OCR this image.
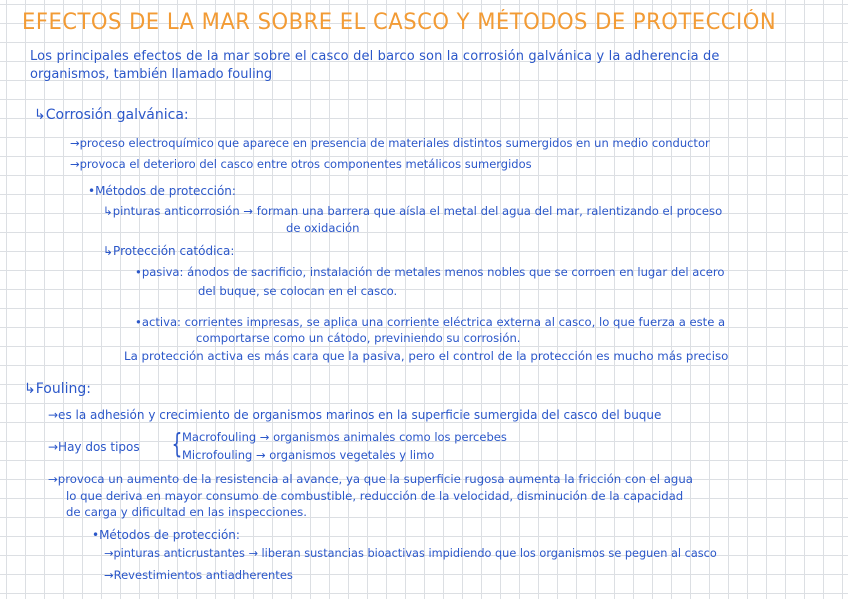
EFECTOS DE LA MAR SOBRE EL CASCO Y MÉTODOS DE PROTECCIÓN
Los principales efectos de la mar sobre el casco del barco son la corrosión galvánica y la adherencia de
organismos, también llamado fouling
↳Corrosión galvánica:
→proceso electroquímico que aparece en presencia de materiales distintos sumergidos en un medio conductor
→provoca el deterioro del casco entre otros componentes metálicos sumergidos
•Métodos de protección:
↳pinturas anticorrosión → forman una barrera que aísla el metal del agua del mar, ralentizando el proceso
de oxidación
↳Protección catódica:
•pasiva: ánodos de sacrificio, instalación de metales menos nobles que se corroen en lugar del acero
del buque, se colocan en el casco.
•activa: corrientes impresas, se aplica una corriente eléctrica externa al casco, lo que fuerza a este a
comportarse como un cátodo, previniendo su corrosión.
La protección activa es más cara que la pasiva, pero el control de la protección es mucho más preciso
↳Fouling:
→es la adhesión y crecimiento de organismos marinos en la superficie sumergida del casco del buque
→Hay dos tipos { Macrofouling → organismos animales como los percebes
Microfouling → organismos vegetales y limo
→provoca un aumento de la resistencia al avance, ya que la superficie rugosa aumenta la fricción con el agua
lo que deriva en mayor consumo de combustible, reducción de la velocidad, disminución de la capacidad
de carga y dificultad en las inspecciones.
•Métodos de protección:
→pinturas anticrustantes → liberan sustancias bioactivas impidiendo que los organismos se peguen al casco
→Revestimientos antiadherentes
